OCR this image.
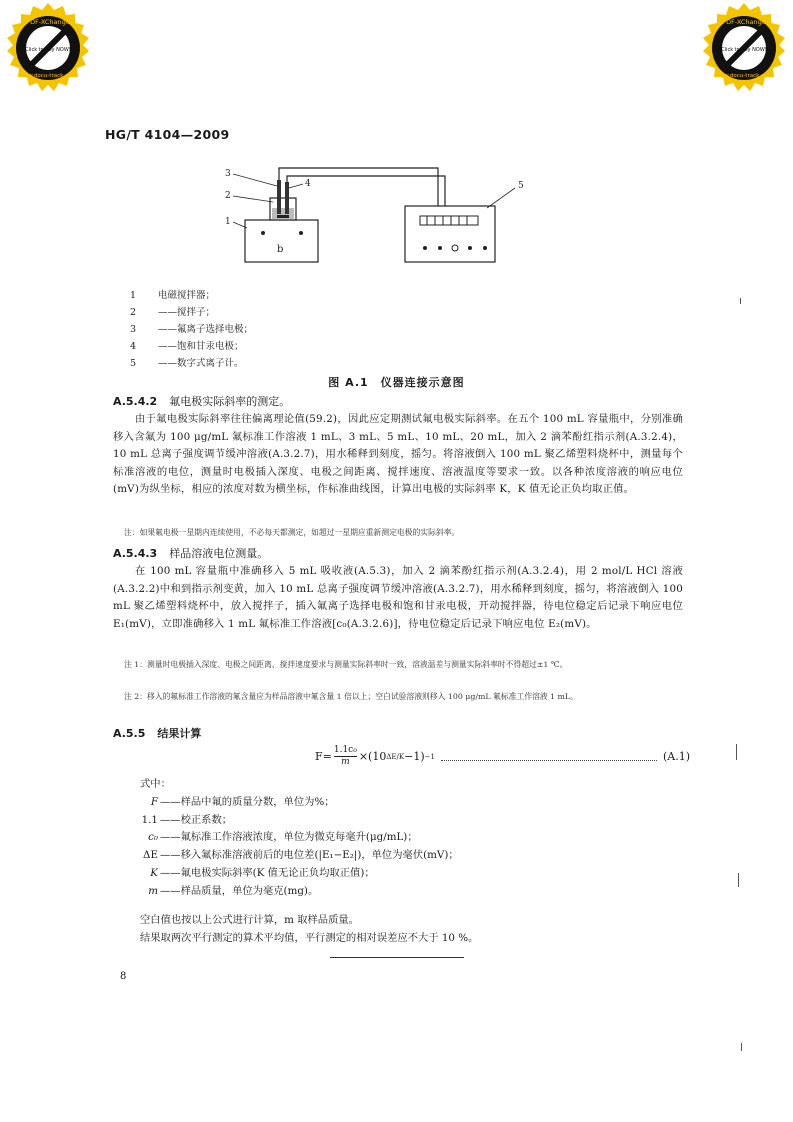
PDF-XChange
Click to buy NOW!
www.docu-track.com
PDF-XChange
Click to buy NOW!
www.docu-track.com
HG/T 4104—2009
b
1
2
3
4	5
1	电磁搅拌器；
2	——搅拌子；
3	——氟离子选择电极；
4	——饱和甘汞电极；
5	——数字式离子计。
图 A.1　仪器连接示意图
A.5.4.2 氟电极实际斜率的测定。
由于氟电极实际斜率往往偏离理论值(59.2)，因此应定期测试氟电极实际斜率。在五个 100 mL 容量瓶中，分别准确移入含氟为 100 μg/mL 氟标准工作溶液 1 mL、3 mL、5 mL、10 mL、20 mL，加入 2 滴苯酚红指示剂(A.3.2.4)，10 mL 总离子强度调节缓冲溶液(A.3.2.7)，用水稀释到刻度，摇匀。将溶液倒入 100 mL 聚乙烯塑料烧杯中，测量每个标准溶液的电位，测量时电极插入深度、电极之间距离、搅拌速度、溶液温度等要求一致。以各种浓度溶液的响应电位(mV)为纵坐标，相应的浓度对数为横坐标，作标准曲线图，计算出电极的实际斜率 K，K 值无论正负均取正值。
注：如果氟电极一星期内连续使用，不必每天都测定，如超过一星期应重新测定电极的实际斜率。
A.5.4.3 样品溶液电位测量。
在 100 mL 容量瓶中准确移入 5 mL 吸收液(A.5.3)，加入 2 滴苯酚红指示剂(A.3.2.4)，用 2 mol/L HCl 溶液(A.3.2.2)中和到指示剂变黄，加入 10 mL 总离子强度调节缓冲溶液(A.3.2.7)，用水稀释到刻度，摇匀，将溶液倒入 100 mL 聚乙烯塑料烧杯中，放入搅拌子，插入氟离子选择电极和饱和甘汞电极，开动搅拌器，待电位稳定后记录下响应电位 E₁(mV)，立即准确移入 1 mL 氟标准工作溶液[c₀(A.3.2.6)]，待电位稳定后记录下响应电位 E₂(mV)。
注 1：测量时电极插入深度、电极之间距离、搅拌速度要求与测量实际斜率时一致，溶液温差与测量实际斜率时不得超过±1 ℃。
注 2：移入的氟标准工作溶液的氟含量应为样品溶液中氟含量 1 倍以上；空白试验溶液则移入 100 μg/mL 氟标准工作溶液 1 mL。
A.5.5 结果计算
$F= \frac{\text{1.1c₀}}{m} \times(10$ ΔE/K −1) −1	(A.1)
式中：
F ——样品中氟的质量分数，单位为%；
1.1 ——校正系数；
c₀ ——氟标准工作溶液浓度，单位为微克每毫升(μg/mL)；
ΔE ——移入氟标准溶液前后的电位差(|E₁−E₂|)，单位为毫伏(mV)；
K ——氟电极实际斜率(K 值无论正负均取正值)；
m ——样品质量，单位为毫克(mg)。
空白值也按以上公式进行计算，m 取样品质量。
结果取两次平行测定的算术平均值，平行测定的相对误差应不大于 10 %。
8
